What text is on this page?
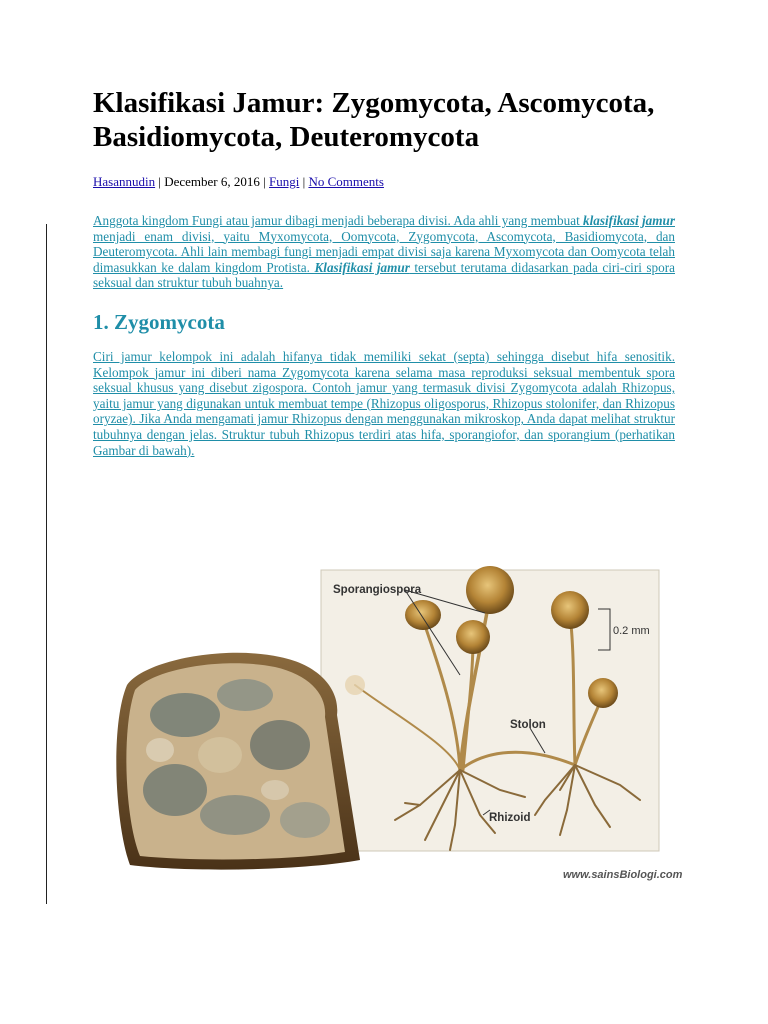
Klasifikasi Jamur: Zygomycota, Ascomycota, Basidiomycota, Deuteromycota
Hasannudin | December 6, 2016 | Fungi | No Comments

Anggota kingdom Fungi atau jamur dibagi menjadi beberapa divisi. Ada ahli yang membuat klasifikasi jamur menjadi enam divisi, yaitu Myxomycota, Oomycota, Zygomycota, Ascomycota, Basidiomycota, dan Deuteromycota. Ahli lain membagi fungi menjadi empat divisi saja karena Myxomycota dan Oomycota telah dimasukkan ke dalam kingdom Protista. Klasifikasi jamur tersebut terutama didasarkan pada ciri-ciri spora seksual dan struktur tubuh buahnya.

1. Zygomycota

Ciri jamur kelompok ini adalah hifanya tidak memiliki sekat (septa) sehingga disebut hifa senositik. Kelompok jamur ini diberi nama Zygomycota karena selama masa reproduksi seksual membentuk spora seksual khusus yang disebut zigospora. Contoh jamur yang termasuk divisi Zygomycota adalah Rhizopus, yaitu jamur yang digunakan untuk membuat tempe (Rhizopus oligosporus, Rhizopus stolonifer, dan Rhizopus oryzae). Jika Anda mengamati jamur Rhizopus dengan menggunakan mikroskop, Anda dapat melihat struktur tubuhnya dengan jelas. Struktur tubuh Rhizopus terdiri atas hifa, sporangiofor, dan sporangium (perhatikan Gambar di bawah).

Sporangiospora
0.2 mm
Stolon
Rhizoid
www.sainsBiologi.com
